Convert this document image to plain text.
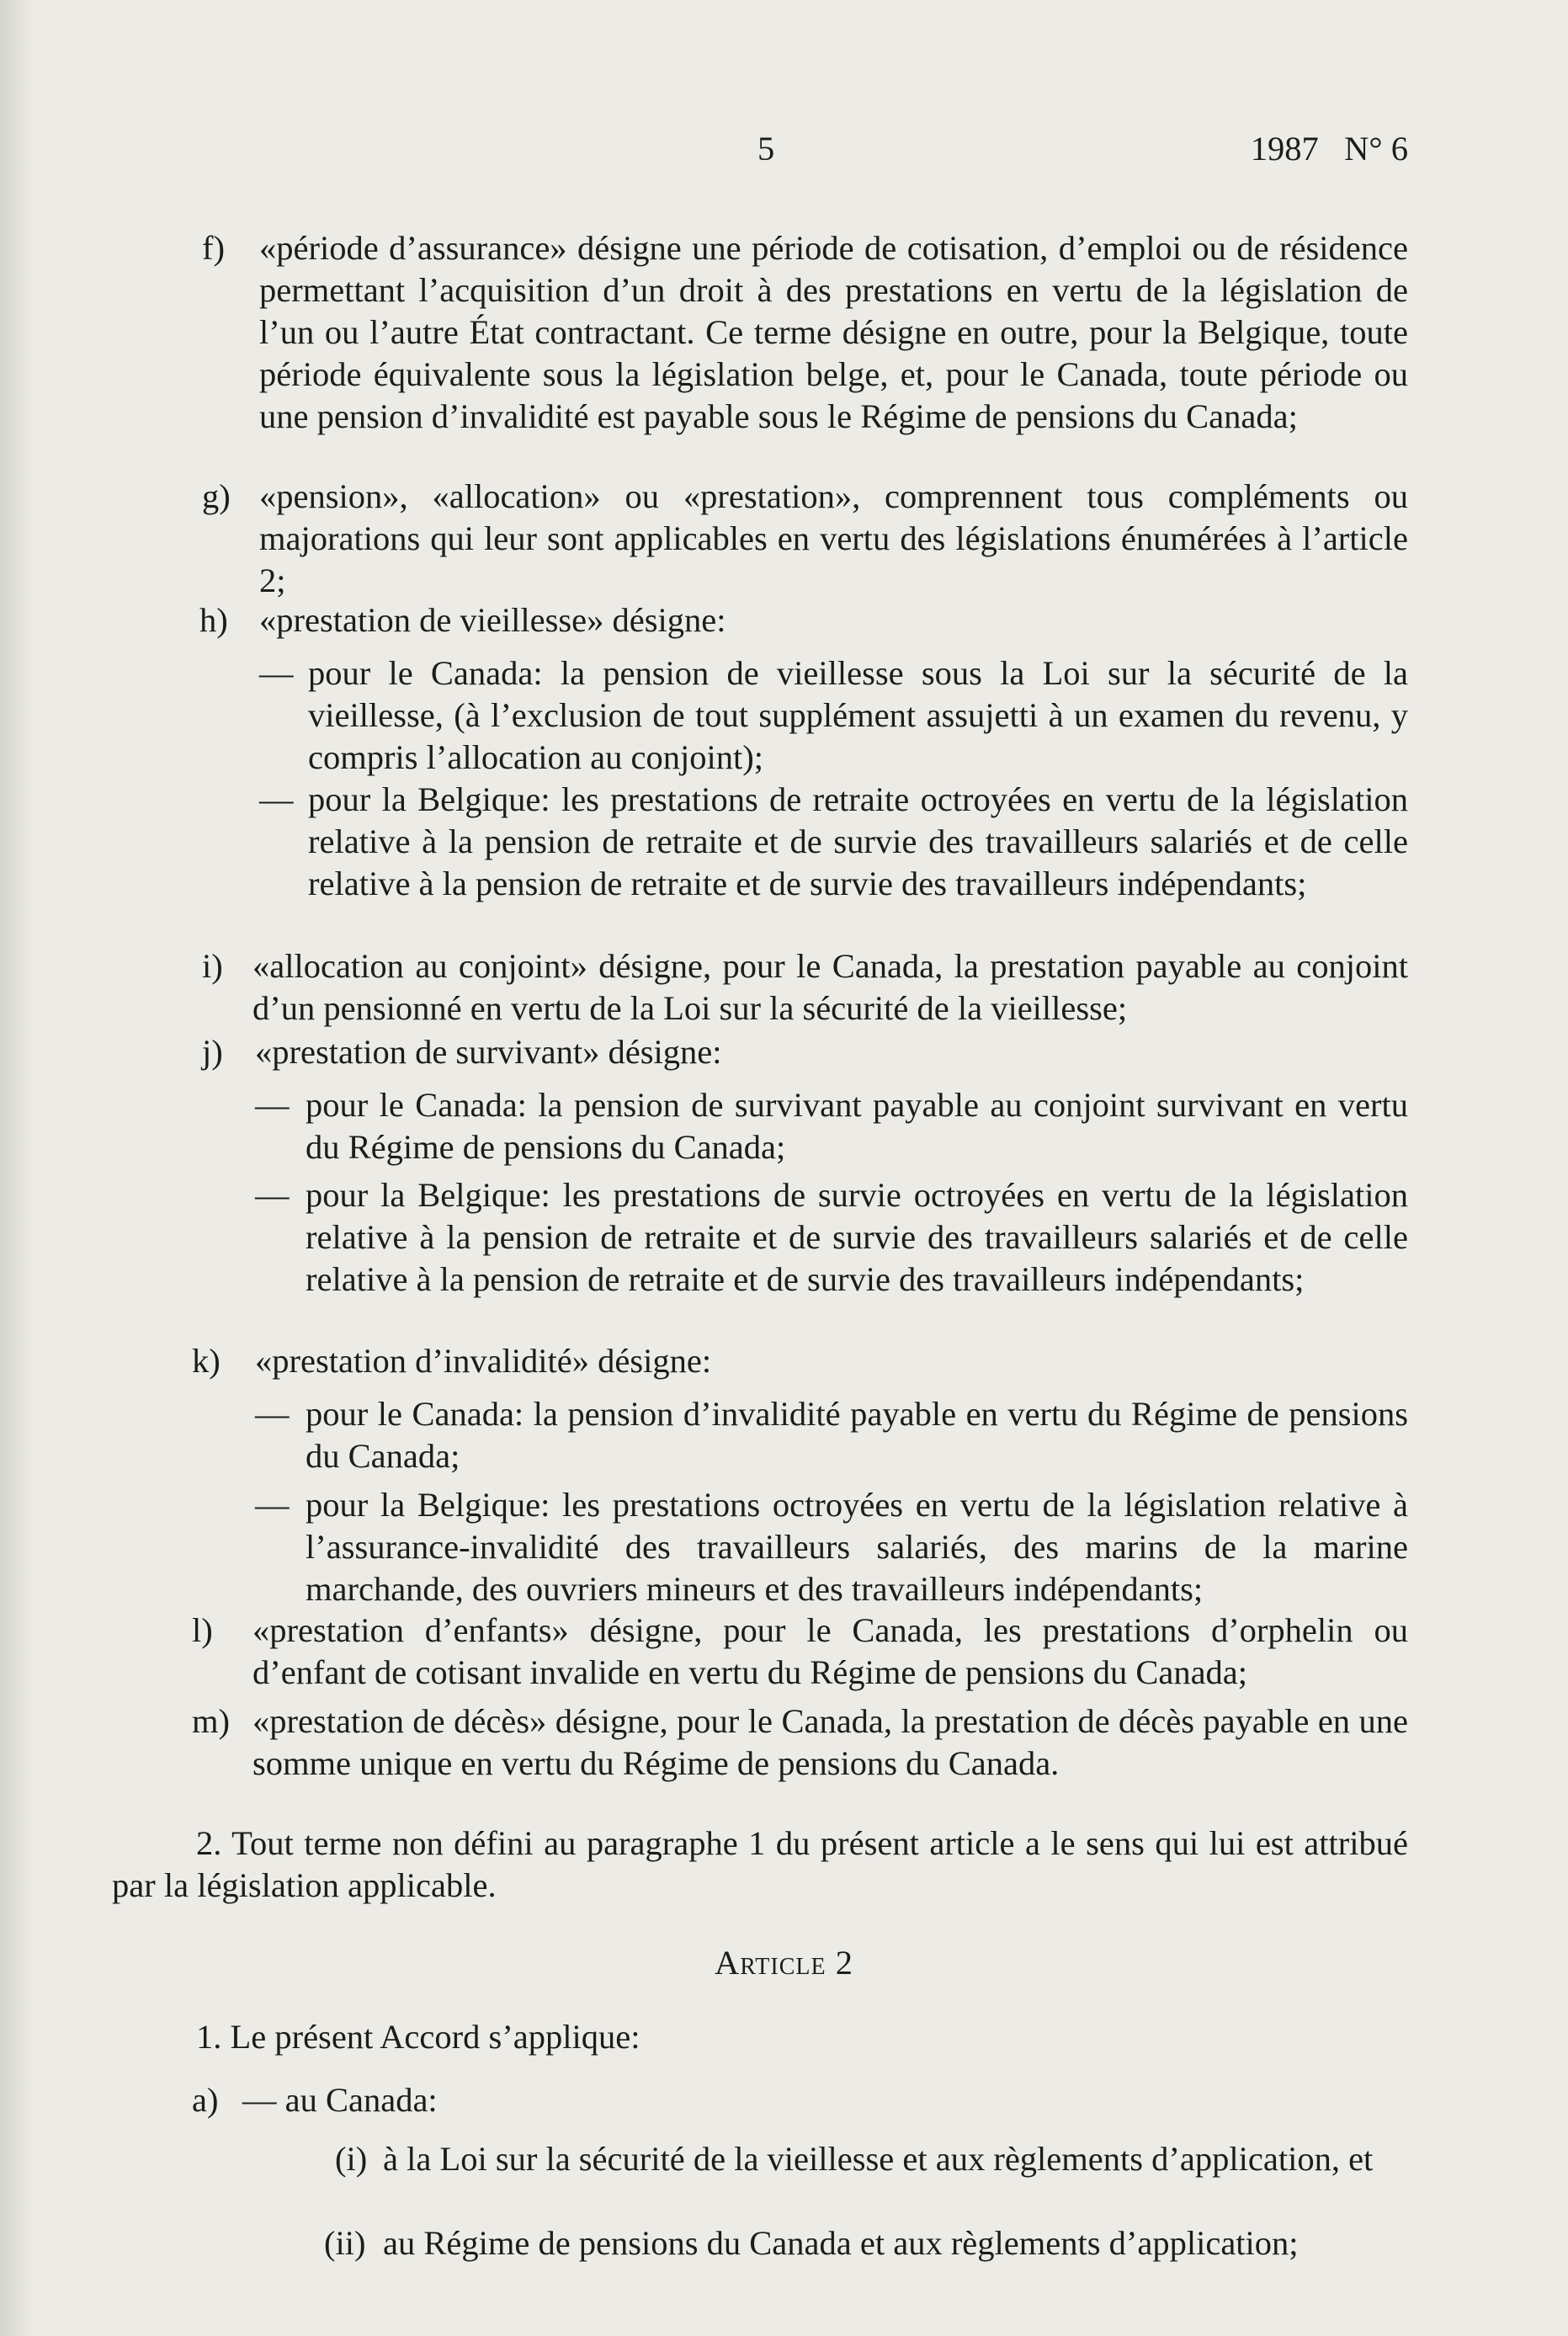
5	1987 N° 6
f) «période d’assurance» désigne une période de cotisation, d’emploi ou de résidence permettant l’acquisition d’un droit à des prestations en vertu de la législation de l’un ou l’autre État contractant. Ce terme désigne en outre, pour la Belgique, toute période équivalente sous la législation belge, et, pour le Canada, toute période ou une pension d’invalidité est payable sous le Régime de pensions du Canada;
g) «pension», «allocation» ou «prestation», comprennent tous compléments ou majorations qui leur sont applicables en vertu des législations énumérées à l’article 2;
h) «prestation de vieillesse» désigne:
— pour le Canada: la pension de vieillesse sous la Loi sur la sécurité de la vieillesse, (à l’exclusion de tout supplément assujetti à un examen du revenu, y compris l’allocation au conjoint);
— pour la Belgique: les prestations de retraite octroyées en vertu de la législation relative à la pension de retraite et de survie des travailleurs salariés et de celle relative à la pension de retraite et de survie des travailleurs indépendants;
i) «allocation au conjoint» désigne, pour le Canada, la prestation payable au conjoint d’un pensionné en vertu de la Loi sur la sécurité de la vieillesse;
j) «prestation de survivant» désigne:
— pour le Canada: la pension de survivant payable au conjoint survivant en vertu du Régime de pensions du Canada;
— pour la Belgique: les prestations de survie octroyées en vertu de la législation relative à la pension de retraite et de survie des travailleurs salariés et de celle relative à la pension de retraite et de survie des travailleurs indépendants;
k) «prestation d’invalidité» désigne:
— pour le Canada: la pension d’invalidité payable en vertu du Régime de pensions du Canada;
— pour la Belgique: les prestations octroyées en vertu de la législation relative à l’assurance-invalidité des travailleurs salariés, des marins de la marine marchande, des ouvriers mineurs et des travailleurs indépendants;
l) «prestation d’enfants» désigne, pour le Canada, les prestations d’orphelin ou d’enfant de cotisant invalide en vertu du Régime de pensions du Canada;
m) «prestation de décès» désigne, pour le Canada, la prestation de décès payable en une somme unique en vertu du Régime de pensions du Canada.
2. Tout terme non défini au paragraphe 1 du présent article a le sens qui lui est attribué par la législation applicable.
Article 2
1. Le présent Accord s’applique:
a) — au Canada:
(i) à la Loi sur la sécurité de la vieillesse et aux règlements d’application, et
(ii) au Régime de pensions du Canada et aux règlements d’application;
